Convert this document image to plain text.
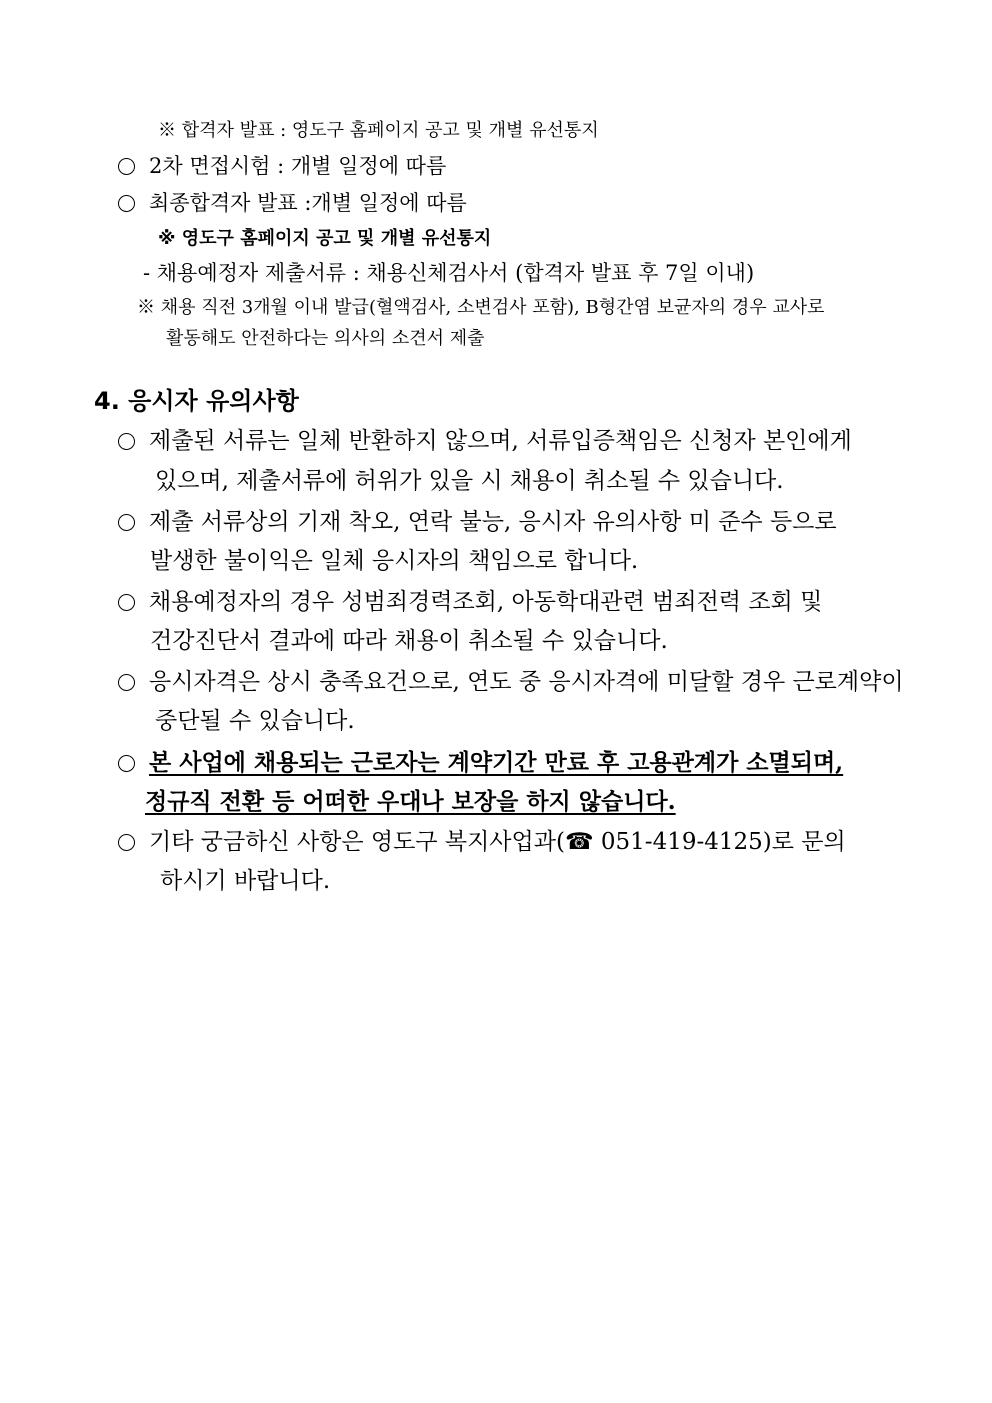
※ 합격자 발표 : 영도구 홈페이지 공고 및 개별 유선통지
2차 면접시험 : 개별 일정에 따름
최종합격자 발표 :개별 일정에 따름
※ 영도구 홈페이지 공고 및 개별 유선통지
- 채용예정자 제출서류 : 채용신체검사서 (합격자 발표 후 7일 이내)
※ 채용 직전 3개월 이내 발급(혈액검사, 소변검사 포함), B형간염 보균자의 경우 교사로
활동해도 안전하다는 의사의 소견서 제출
4. 응시자 유의사항
제출된 서류는 일체 반환하지 않으며, 서류입증책임은 신청자 본인에게
있으며, 제출서류에 허위가 있을 시 채용이 취소될 수 있습니다.
제출 서류상의 기재 착오, 연락 불능, 응시자 유의사항 미 준수 등으로
발생한 불이익은 일체 응시자의 책임으로 합니다.
채용예정자의 경우 성범죄경력조회, 아동학대관련 범죄전력 조회 및
건강진단서 결과에 따라 채용이 취소될 수 있습니다.
응시자격은 상시 충족요건으로, 연도 중 응시자격에 미달할 경우 근로계약이
중단될 수 있습니다.
본 사업에 채용되는 근로자는 계약기간 만료 후 고용관계가 소멸되며,
정규직 전환 등 어떠한 우대나 보장을 하지 않습니다.
기타 궁금하신 사항은 영도구 복지사업과(☎ 051-419-4125)로 문의
하시기 바랍니다.
